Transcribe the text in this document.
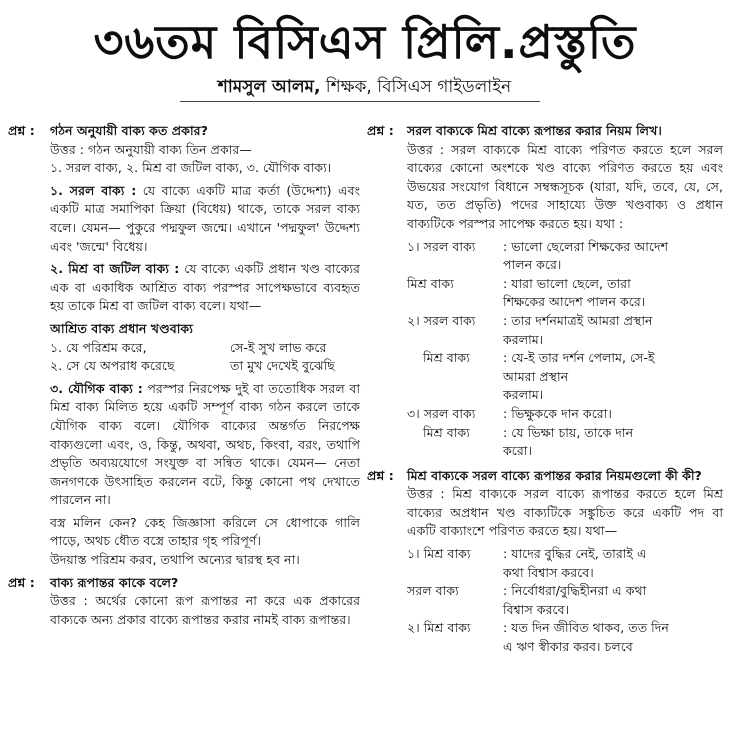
৩৬তম বিসিএস প্রিলি.প্রস্তুতি
শামসুল আলম, শিক্ষক, বিসিএস গাইডলাইন
প্রশ্ন :	গঠন অনুযায়ী বাক্য কত প্রকার?

উত্তর : গঠন অনুযায়ী বাক্য তিন প্রকার—

১. সরল বাক্য, ২. মিশ্র বা জটিল বাক্য, ৩. যৌগিক বাক্য।

১. সরল বাক্য : যে বাক্যে একটি মাত্র কর্তা (উদ্দেশ্য) এবং একটি মাত্র সমাপিকা ক্রিয়া (বিধেয়) থাকে, তাকে সরল বাক্য বলে। যেমন— পুকুরে পদ্মফুল জন্মে। এখানে 'পদ্মফুল' উদ্দেশ্য এবং 'জন্মে' বিধেয়।

২. মিশ্র বা জটিল বাক্য : যে বাক্যে একটি প্রধান খণ্ড বাক্যের এক বা একাধিক আশ্রিত বাক্য পরস্পর সাপেক্ষভাবে ব্যবহৃত হয় তাকে মিশ্র বা জটিল বাক্য বলে। যথা—

আশ্রিত বাক্য প্রধান খণ্ডবাক্য
১. যে পরিশ্রম করে,	সে-ই সুখ লাভ করে
২. সে যে অপরাধ করেছে	তা মুখ দেখেই বুঝেছি

৩. যৌগিক বাক্য : পরস্পর নিরপেক্ষ দুই বা ততোধিক সরল বা মিশ্র বাক্য মিলিত হয়ে একটি সম্পূর্ণ বাক্য গঠন করলে তাকে যৌগিক বাক্য বলে। যৌগিক বাক্যের অন্তর্গত নিরপেক্ষ বাক্যগুলো এবং, ও, কিন্তু, অথবা, অথচ, কিংবা, বরং, তথাপি প্রভৃতি অব্যয়যোগে সংযুক্ত বা সন্বিত থাকে। যেমন— নেতা জনগণকে উৎসাহিত করলেন বটে, কিন্তু কোনো পথ দেখাতে পারলেন না।

বস্ত্র মলিন কেন? কেহ জিজ্ঞাসা করিলে সে ধোপাকে গালি পাড়ে, অথচ ধৌত বস্ত্রে তাহার গৃহ পরিপূর্ণ।

উদয়াস্ত পরিশ্রম করব, তথাপি অন্যের দ্বারস্থ হব না।

প্রশ্ন :	বাক্য রূপান্তর কাকে বলে?

উত্তর : অর্থের কোনো রূপ রূপান্তর না করে এক প্রকারের বাক্যকে অন্য প্রকার বাক্যে রূপান্তর করার নামই বাক্য রূপান্তর।

প্রশ্ন :	সরল বাক্যকে মিশ্র বাক্যে রূপান্তর করার নিয়ম লিখ।

উত্তর : সরল বাক্যকে মিশ্র বাক্যে পরিণত করতে হলে সরল বাক্যের কোনো অংশকে খণ্ড বাক্যে পরিণত করতে হয় এবং উভয়ের সংযোগ বিধানে সম্বন্ধসূচক (যারা, যদি, তবে, যে, সে, যত, তত প্রভৃতি) পদের সাহায্যে উক্ত খণ্ডবাক্য ও প্রধান বাক্যটিকে পরস্পর সাপেক্ষ করতে হয়। যথা :

১। সরল বাক্য	: ভালো ছেলেরা শিক্ষকের আদেশ
পালন করে।
মিশ্র বাক্য	: যারা ভালো ছেলে, তারা
শিক্ষকের আদেশ পালন করে।
২। সরল বাক্য	: তার দর্শনমাত্রই আমরা প্রস্থান
করলাম।
মিশ্র বাক্য	: যে-ই তার দর্শন পেলাম, সে-ই
আমরা প্রস্থান
করলাম।
৩। সরল বাক্য	: ভিক্ষুককে দান করো।
মিশ্র বাক্য	: যে ভিক্ষা চায়, তাকে দান
করো।
প্রশ্ন :	মিশ্র বাক্যকে সরল বাক্যে রূপান্তর করার নিয়মগুলো কী কী?

উত্তর : মিশ্র বাক্যকে সরল বাক্যে রূপান্তর করতে হলে মিশ্র বাক্যের অপ্রধান খণ্ড বাক্যটিকে সঙ্কুচিত করে একটি পদ বা একটি বাক্যাংশে পরিণত করতে হয়। যথা—

১। মিশ্র বাক্য	: যাদের বুদ্ধির নেই, তারাই এ
কথা বিশ্বাস করবে।
সরল বাক্য	: নির্বোধরা/বুদ্ধিহীনরা এ কথা
বিশ্বাস করবে।
২। মিশ্র বাক্য	: যত দিন জীবিত থাকব, তত দিন
এ ঋণ স্বীকার করব। চলবে
